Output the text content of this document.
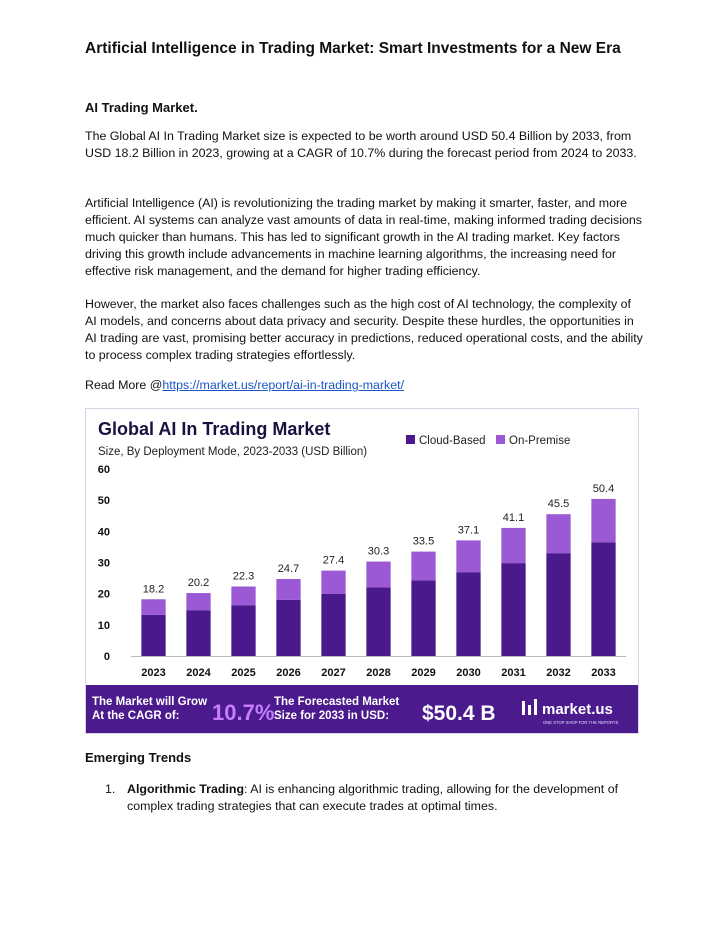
Artificial Intelligence in Trading Market: Smart Investments for a New Era
AI Trading Market.
The Global AI In Trading Market size is expected to be worth around USD 50.4 Billion by 2033, from USD 18.2 Billion in 2023, growing at a CAGR of 10.7% during the forecast period from 2024 to 2033.
Artificial Intelligence (AI) is revolutionizing the trading market by making it smarter, faster, and more efficient. AI systems can analyze vast amounts of data in real-time, making informed trading decisions much quicker than humans. This has led to significant growth in the AI trading market. Key factors driving this growth include advancements in machine learning algorithms, the increasing need for effective risk management, and the demand for higher trading efficiency.
However, the market also faces challenges such as the high cost of AI technology, the complexity of AI models, and concerns about data privacy and security. Despite these hurdles, the opportunities in AI trading are vast, promising better accuracy in predictions, reduced operational costs, and the ability to process complex trading strategies effortlessly.
Read More @https://market.us/report/ai-in-trading-market/
Global AI In Trading Market
Size, By Deployment Mode, 2023-2033 (USD Billion)
Cloud-Based On-Premise
0
10
20
30
40
50
60
18.2
2023
20.2
2024
22.3
2025
24.7
2026
27.4
2027
30.3
2028
33.5
2029
37.1
2030
41.1
2031
45.5
2032
50.4
2033
The Market will Grow
At the CAGR of: 10.7% The Forecasted Market
Size for 2033 in USD: $50.4 B	market.us
ONE STOP SHOP FOR THE REPORTS
Emerging Trends
1. Algorithmic Trading: AI is enhancing algorithmic trading, allowing for the development of complex trading strategies that can execute trades at optimal times.
